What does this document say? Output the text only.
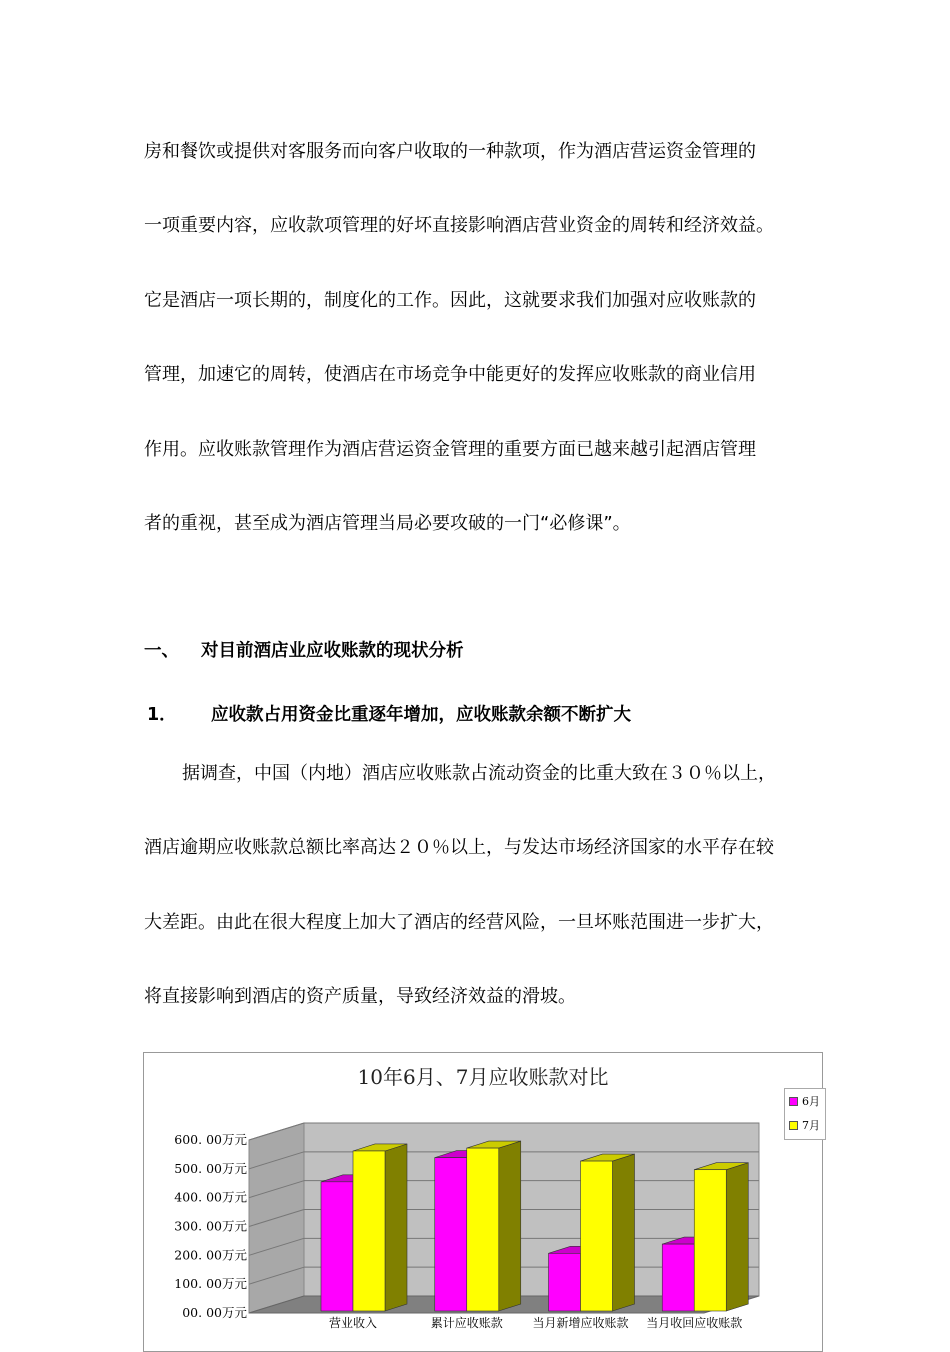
房和餐饮或提供对客服务而向客户收取的一种款项，作为酒店营运资金管理的

一项重要内容，应收款项管理的好坏直接影响酒店营业资金的周转和经济效益。

它是酒店一项长期的，制度化的工作。因此，这就要求我们加强对应收账款的

管理，加速它的周转，使酒店在市场竞争中能更好的发挥应收账款的商业信用

作用。应收账款管理作为酒店营运资金管理的重要方面已越来越引起酒店管理

者的重视，甚至成为酒店管理当局必要攻破的一门“必修课”。

一、 对目前酒店业应收账款的现状分析
1． 应收款占用资金比重逐年增加，应收账款余额不断扩大

据调查，中国（内地）酒店应收账款占流动资金的比重大致在３０％以上，

酒店逾期应收账款总额比率高达２０％以上，与发达市场经济国家的水平存在较

大差距。由此在很大程度上加大了酒店的经营风险，一旦坏账范围进一步扩大，

将直接影响到酒店的资产质量，导致经济效益的滑坡。

10年6月、7月应收账款对比
00. 00万元
100. 00万元
200. 00万元
300. 00万元
400. 00万元
500. 00万元
600. 00万元
营业收入	累计应收账款 当月新增应收账款 当月收回应收账款
6月
7月
